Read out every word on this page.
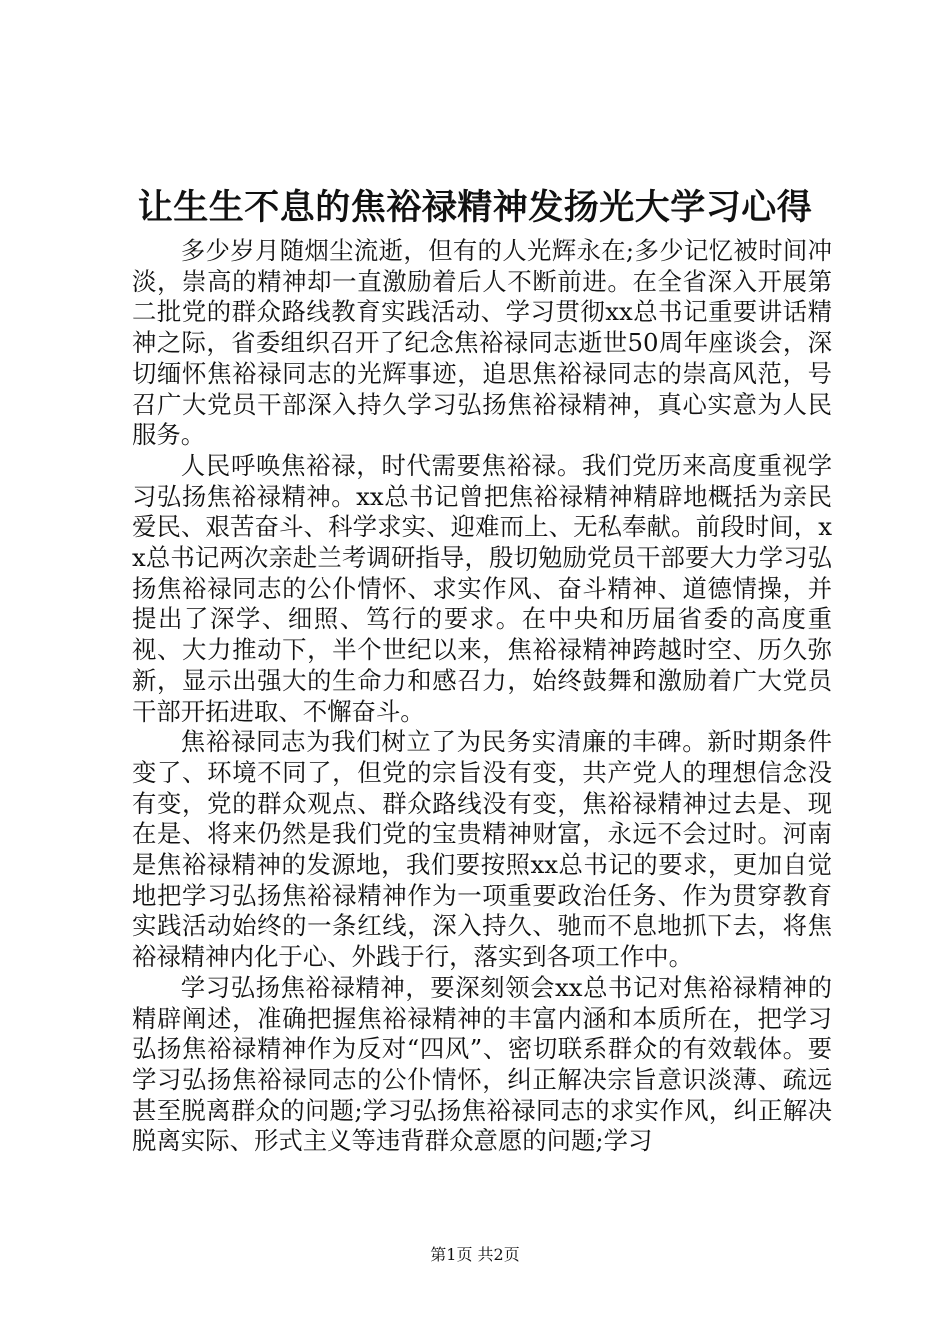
让生生不息的焦裕禄精神发扬光大学习心得

多少岁月随烟尘流逝，但有的人光辉永在;多少记忆被时间冲淡，崇高的精神却一直激励着后人不断前进。在全省深入开展第二批党的群众路线教育实践活动、学习贯彻xx总书记重要讲话精神之际，省委组织召开了纪念焦裕禄同志逝世50周年座谈会，深切缅怀焦裕禄同志的光辉事迹，追思焦裕禄同志的崇高风范，号召广大党员干部深入持久学习弘扬焦裕禄精神，真心实意为人民服务。

人民呼唤焦裕禄，时代需要焦裕禄。我们党历来高度重视学习弘扬焦裕禄精神。xx总书记曾把焦裕禄精神精辟地概括为亲民爱民、艰苦奋斗、科学求实、迎难而上、无私奉献。前段时间，xx总书记两次亲赴兰考调研指导，殷切勉励党员干部要大力学习弘扬焦裕禄同志的公仆情怀、求实作风、奋斗精神、道德情操，并提出了深学、细照、笃行的要求。在中央和历届省委的高度重视、大力推动下，半个世纪以来，焦裕禄精神跨越时空、历久弥新，显示出强大的生命力和感召力，始终鼓舞和激励着广大党员干部开拓进取、不懈奋斗。

焦裕禄同志为我们树立了为民务实清廉的丰碑。新时期条件变了、环境不同了，但党的宗旨没有变，共产党人的理想信念没有变，党的群众观点、群众路线没有变，焦裕禄精神过去是、现在是、将来仍然是我们党的宝贵精神财富，永远不会过时。河南是焦裕禄精神的发源地，我们要按照xx总书记的要求，更加自觉地把学习弘扬焦裕禄精神作为一项重要政治任务、作为贯穿教育实践活动始终的一条红线，深入持久、驰而不息地抓下去，将焦裕禄精神内化于心、外践于行，落实到各项工作中。

学习弘扬焦裕禄精神，要深刻领会xx总书记对焦裕禄精神的精辟阐述，准确把握焦裕禄精神的丰富内涵和本质所在，把学习弘扬焦裕禄精神作为反对“四风”、密切联系群众的有效载体。要学习弘扬焦裕禄同志的公仆情怀，纠正解决宗旨意识淡薄、疏远甚至脱离群众的问题;学习弘扬焦裕禄同志的求实作风，纠正解决脱离实际、形式主义等违背群众意愿的问题;学习

第1页 共2页
